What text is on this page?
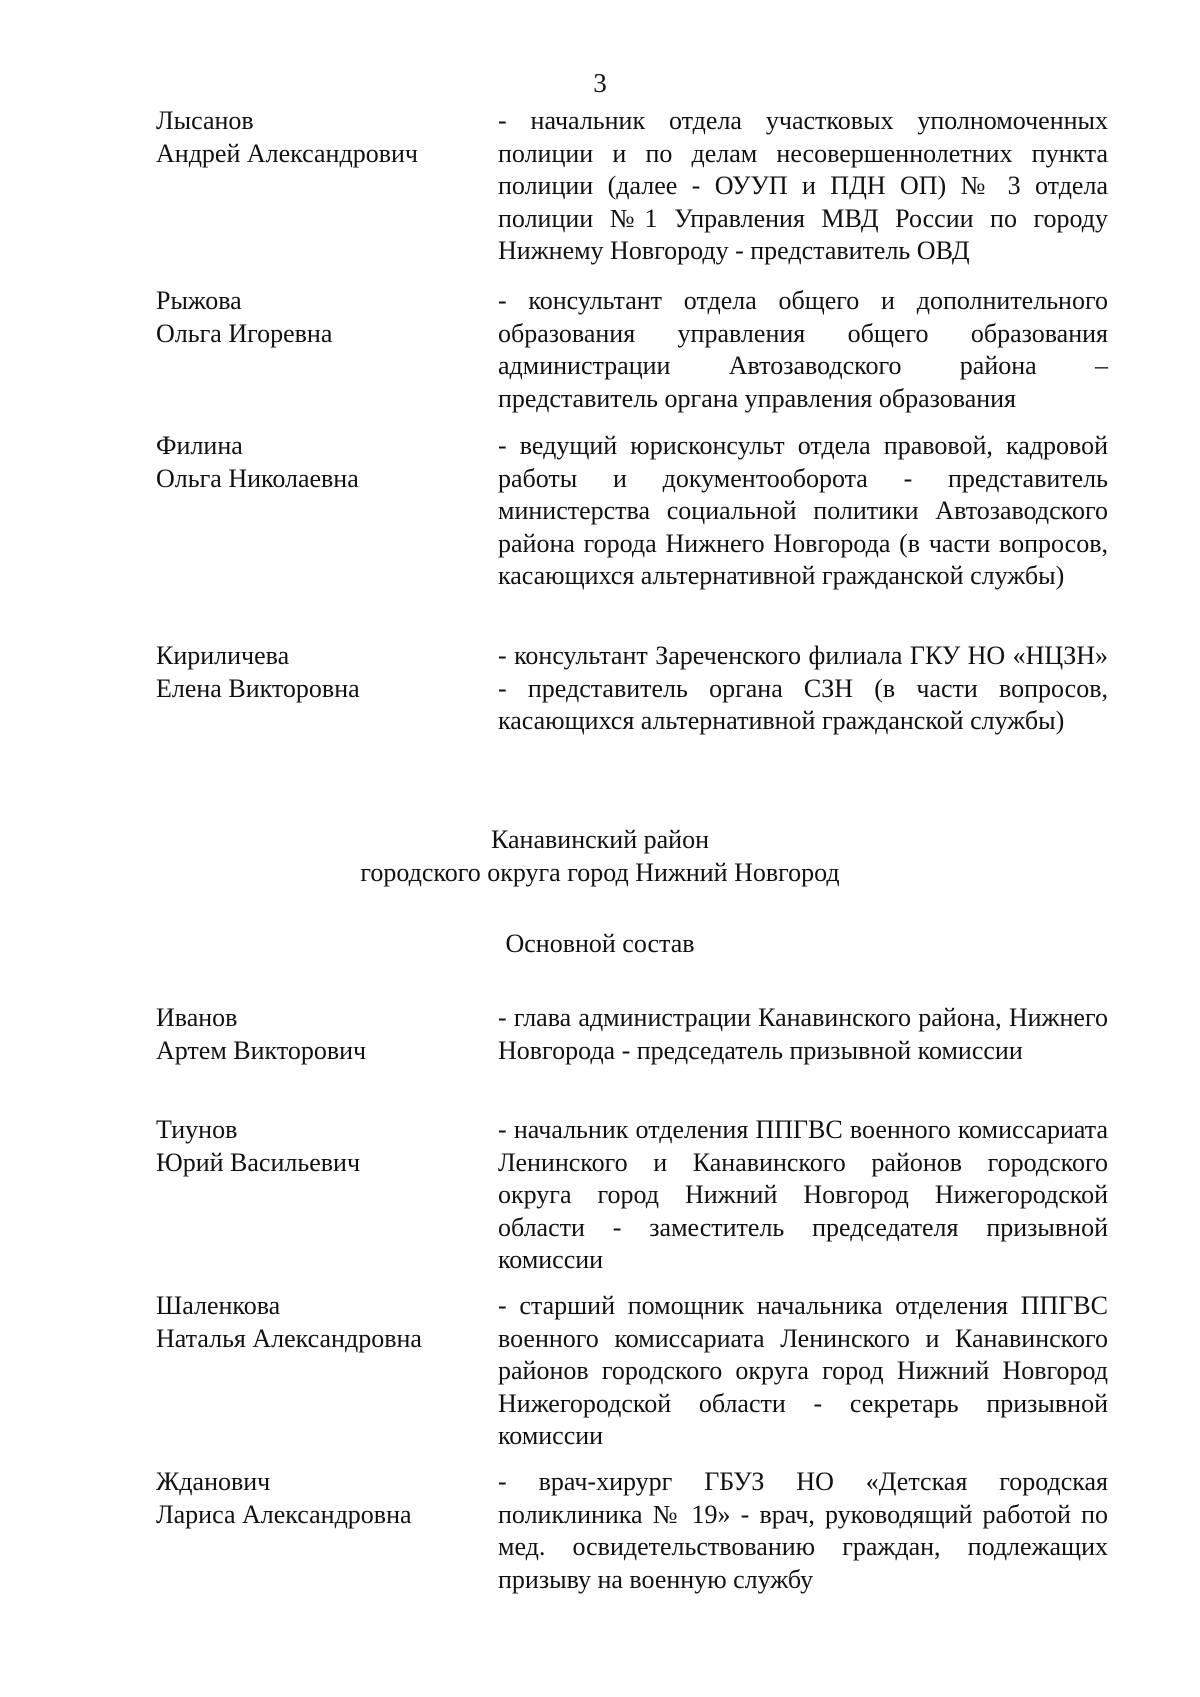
3
Лысанов
Андрей Александрович
- начальник отдела участковых уполномоченных полиции и по делам несовершеннолетних пункта полиции (далее - ОУУП и ПДН ОП) № 3 отдела полиции №1 Управления МВД России по городу Нижнему Новгороду - представитель ОВД
Рыжова
Ольга Игоревна
- консультант отдела общего и дополнительного образования управления общего образования администрации Автозаводского района – представитель органа управления образования
Филина
Ольга Николаевна
- ведущий юрисконсульт отдела правовой, кадровой работы и документооборота - представитель министерства социальной политики Автозаводского района города Нижнего Новгорода (в части вопросов, касающихся альтернативной гражданской службы)
Кириличева
Елена Викторовна
- консультант Зареченского филиала ГКУ НО «НЦЗН» - представитель органа СЗН (в части вопросов, касающихся альтернативной гражданской службы)
Канавинский район
городского округа город Нижний Новгород
Основной состав
Иванов
Артем Викторович
- глава администрации Канавинского района, Нижнего Новгорода - председатель призывной комиссии
Тиунов
Юрий Васильевич
- начальник отделения ППГВС военного комиссариата Ленинского и Канавинского районов городского округа город Нижний Новгород Нижегородской области - заместитель председателя призывной комиссии
Шаленкова
Наталья Александровна
- старший помощник начальника отделения ППГВС военного комиссариата Ленинского и Канавинского районов городского округа город Нижний Новгород Нижегородской области - секретарь призывной комиссии
Жданович
Лариса Александровна
- врач-хирург ГБУЗ НО «Детская городская поликлиника № 19» - врач, руководящий работой по мед. освидетельствованию граждан, подлежащих призыву на военную службу
